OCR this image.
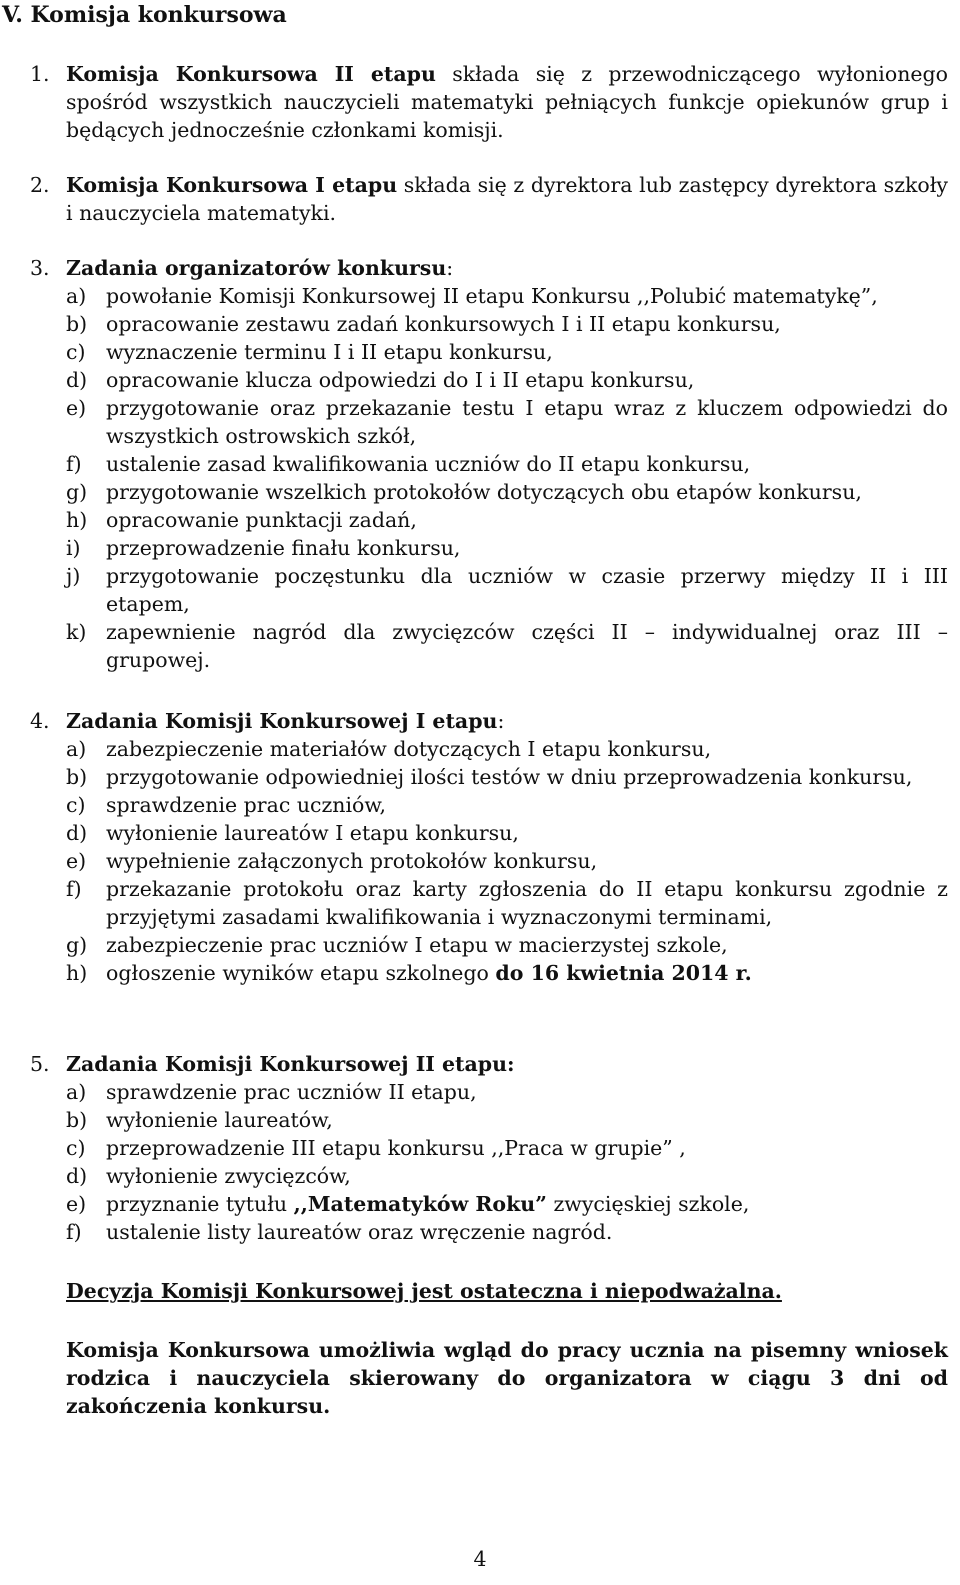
V. Komisja konkursowa
1. Komisja Konkursowa II etapu składa się z przewodniczącego wyłonionego spośród wszystkich nauczycieli matematyki pełniących funkcje opiekunów grup i będących jednocześnie członkami komisji.
2. Komisja Konkursowa I etapu składa się z dyrektora lub zastępcy dyrektora szkoły i nauczyciela matematyki.
3. Zadania organizatorów konkursu:
a) powołanie Komisji Konkursowej II etapu Konkursu ,,Polubić matematykę”,
b) opracowanie zestawu zadań konkursowych I i II etapu konkursu,
c) wyznaczenie terminu I i II etapu konkursu,
d) opracowanie klucza odpowiedzi do I i II etapu konkursu,
e) przygotowanie oraz przekazanie testu I etapu wraz z kluczem odpowiedzi do wszystkich ostrowskich szkół,
f) ustalenie zasad kwalifikowania uczniów do II etapu konkursu,
g) przygotowanie wszelkich protokołów dotyczących obu etapów konkursu,
h) opracowanie punktacji zadań,
i) przeprowadzenie finału konkursu,
j) przygotowanie poczęstunku dla uczniów w czasie przerwy między II i III etapem,
k) zapewnienie nagród dla zwycięzców części II – indywidualnej oraz III – grupowej.
4. Zadania Komisji Konkursowej I etapu:
a) zabezpieczenie materiałów dotyczących I etapu konkursu,
b) przygotowanie odpowiedniej ilości testów w dniu przeprowadzenia konkursu,
c) sprawdzenie prac uczniów,
d) wyłonienie laureatów I etapu konkursu,
e) wypełnienie załączonych protokołów konkursu,
f) przekazanie protokołu oraz karty zgłoszenia do II etapu konkursu zgodnie z przyjętymi zasadami kwalifikowania i wyznaczonymi terminami,
g) zabezpieczenie prac uczniów I etapu w macierzystej szkole,
h) ogłoszenie wyników etapu szkolnego do 16 kwietnia 2014 r.
5. Zadania Komisji Konkursowej II etapu:
a) sprawdzenie prac uczniów II etapu,
b) wyłonienie laureatów,
c) przeprowadzenie III etapu konkursu ,,Praca w grupie” ,
d) wyłonienie zwycięzców,
e) przyznanie tytułu ,,Matematyków Roku” zwycięskiej szkole,
f) ustalenie listy laureatów oraz wręczenie nagród.
Decyzja Komisji Konkursowej jest ostateczna i niepodważalna.
Komisja Konkursowa umożliwia wgląd do pracy ucznia na pisemny wniosek rodzica i nauczyciela skierowany do organizatora w ciągu 3 dni od zakończenia konkursu.
4
